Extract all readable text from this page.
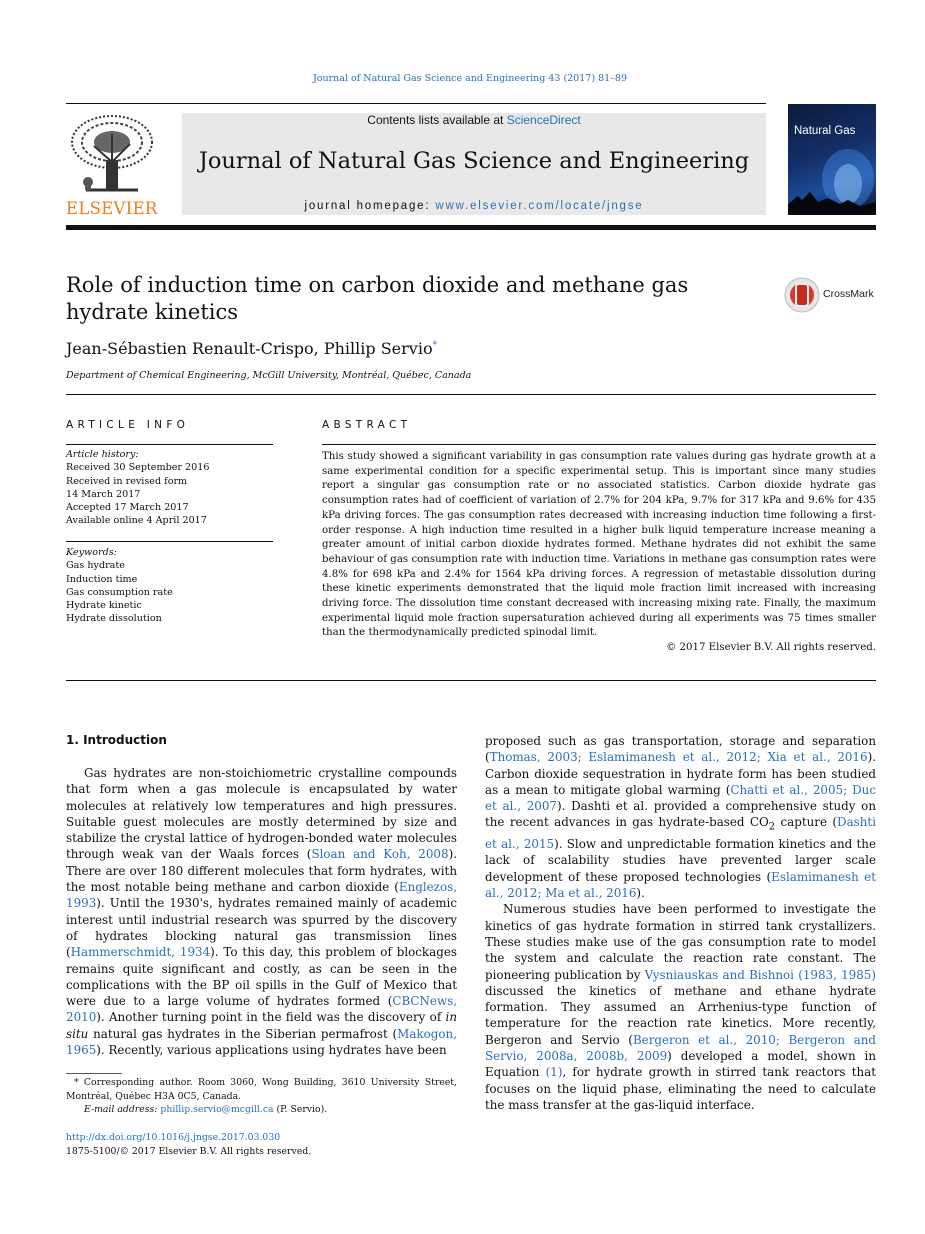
Journal of Natural Gas Science and Engineering 43 (2017) 81–89
ELSEVIER
Contents lists available at ScienceDirect
Journal of Natural Gas Science and Engineering
journal homepage: www.elsevier.com/locate/jngse
Natural Gas
Role of induction time on carbon dioxide and methane gas hydrate kinetics
CrossMark
Jean-Sébastien Renault-Crispo, Phillip Servio*
Department of Chemical Engineering, McGill University, Montréal, Québec, Canada
ARTICLE INFO
Article history:
Received 30 September 2016
Received in revised form
14 March 2017
Accepted 17 March 2017
Available online 4 April 2017
Keywords:
Gas hydrate
Induction time
Gas consumption rate
Hydrate kinetic
Hydrate dissolution
ABSTRACT
This study showed a significant variability in gas consumption rate values during gas hydrate growth at a same experimental condition for a specific experimental setup. This is important since many studies report a singular gas consumption rate or no associated statistics. Carbon dioxide hydrate gas consumption rates had of coefficient of variation of 2.7% for 204 kPa, 9.7% for 317 kPa and 9.6% for 435 kPa driving forces. The gas consumption rates decreased with increasing induction time following a first-order response. A high induction time resulted in a higher bulk liquid temperature increase meaning a greater amount of initial carbon dioxide hydrates formed. Methane hydrates did not exhibit the same behaviour of gas consumption rate with induction time. Variations in methane gas consumption rates were 4.8% for 698 kPa and 2.4% for 1564 kPa driving forces. A regression of metastable dissolution during these kinetic experiments demonstrated that the liquid mole fraction limit increased with increasing driving force. The dissolution time constant decreased with increasing mixing rate. Finally, the maximum experimental liquid mole fraction supersaturation achieved during all experiments was 75 times smaller than the thermodynamically predicted spinodal limit.
© 2017 Elsevier B.V. All rights reserved.
1. Introduction

Gas hydrates are non-stoichiometric crystalline compounds that form when a gas molecule is encapsulated by water molecules at relatively low temperatures and high pressures. Suitable guest molecules are mostly determined by size and stabilize the crystal lattice of hydrogen-bonded water molecules through weak van der Waals forces (Sloan and Koh, 2008). There are over 180 different molecules that form hydrates, with the most notable being methane and carbon dioxide (Englezos, 1993). Until the 1930's, hydrates remained mainly of academic interest until industrial research was spurred by the discovery of hydrates blocking natural gas transmission lines (Hammerschmidt, 1934). To this day, this problem of blockages remains quite significant and costly, as can be seen in the complications with the BP oil spills in the Gulf of Mexico that were due to a large volume of hydrates formed (CBCNews, 2010). Another turning point in the field was the discovery of in situ natural gas hydrates in the Siberian permafrost (Makogon, 1965). Recently, various applications using hydrates have been

proposed such as gas transportation, storage and separation (Thomas, 2003; Eslamimanesh et al., 2012; Xia et al., 2016). Carbon dioxide sequestration in hydrate form has been studied as a mean to mitigate global warming (Chatti et al., 2005; Duc et al., 2007). Dashti et al. provided a comprehensive study on the recent advances in gas hydrate-based $CO_2$ capture (Dashti et al., 2015). Slow and unpredictable formation kinetics and the lack of scalability studies have prevented larger scale development of these proposed technologies (Eslamimanesh et al., 2012; Ma et al., 2016).

Numerous studies have been performed to investigate the kinetics of gas hydrate formation in stirred tank crystallizers. These studies make use of the gas consumption rate to model the system and calculate the reaction rate constant. The pioneering publication by Vysniauskas and Bishnoi (1983, 1985) discussed the kinetics of methane and ethane hydrate formation. They assumed an Arrhenius-type function of temperature for the reaction rate kinetics. More recently, Bergeron and Servio (Bergeron et al., 2010; Bergeron and Servio, 2008a, 2008b, 2009) developed a model, shown in Equation (1), for hydrate growth in stirred tank reactors that focuses on the liquid phase, eliminating the need to calculate the mass transfer at the gas-liquid interface.

* Corresponding author. Room 3060, Wong Building, 3610 University Street, Montréal, Québec H3A 0C5, Canada.
E-mail address: phillip.servio@mcgill.ca (P. Servio).
http://dx.doi.org/10.1016/j.jngse.2017.03.030
1875-5100/© 2017 Elsevier B.V. All rights reserved.
